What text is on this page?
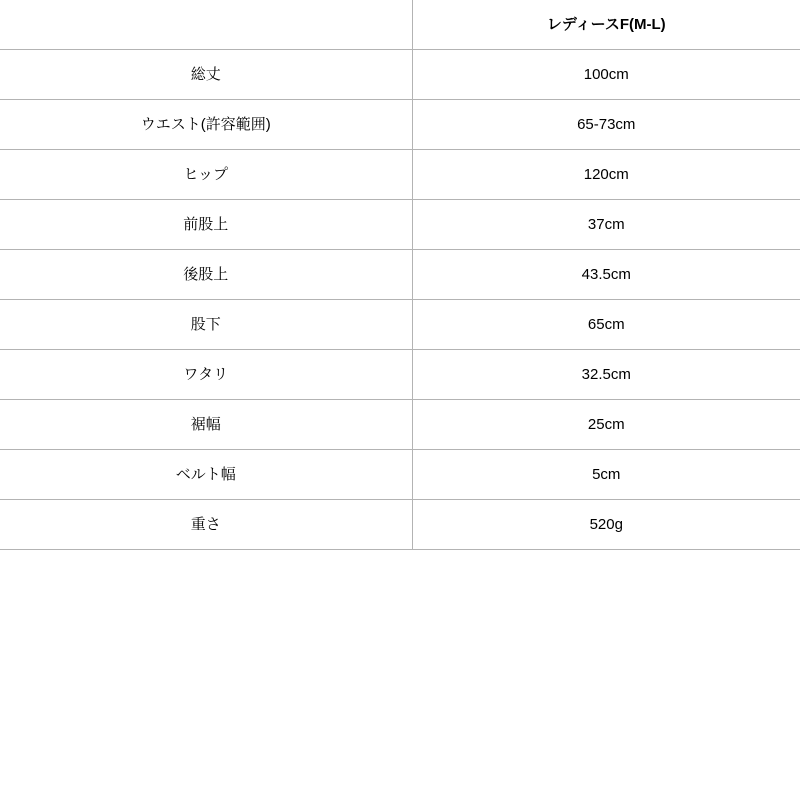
	レディースF(M-L)
総丈	100cm
ウエスト(許容範囲)	65-73cm
ヒップ	120cm
前股上	37cm
後股上	43.5cm
股下	65cm
ワタリ	32.5cm
裾幅	25cm
ベルト幅	5cm
重さ	520g
